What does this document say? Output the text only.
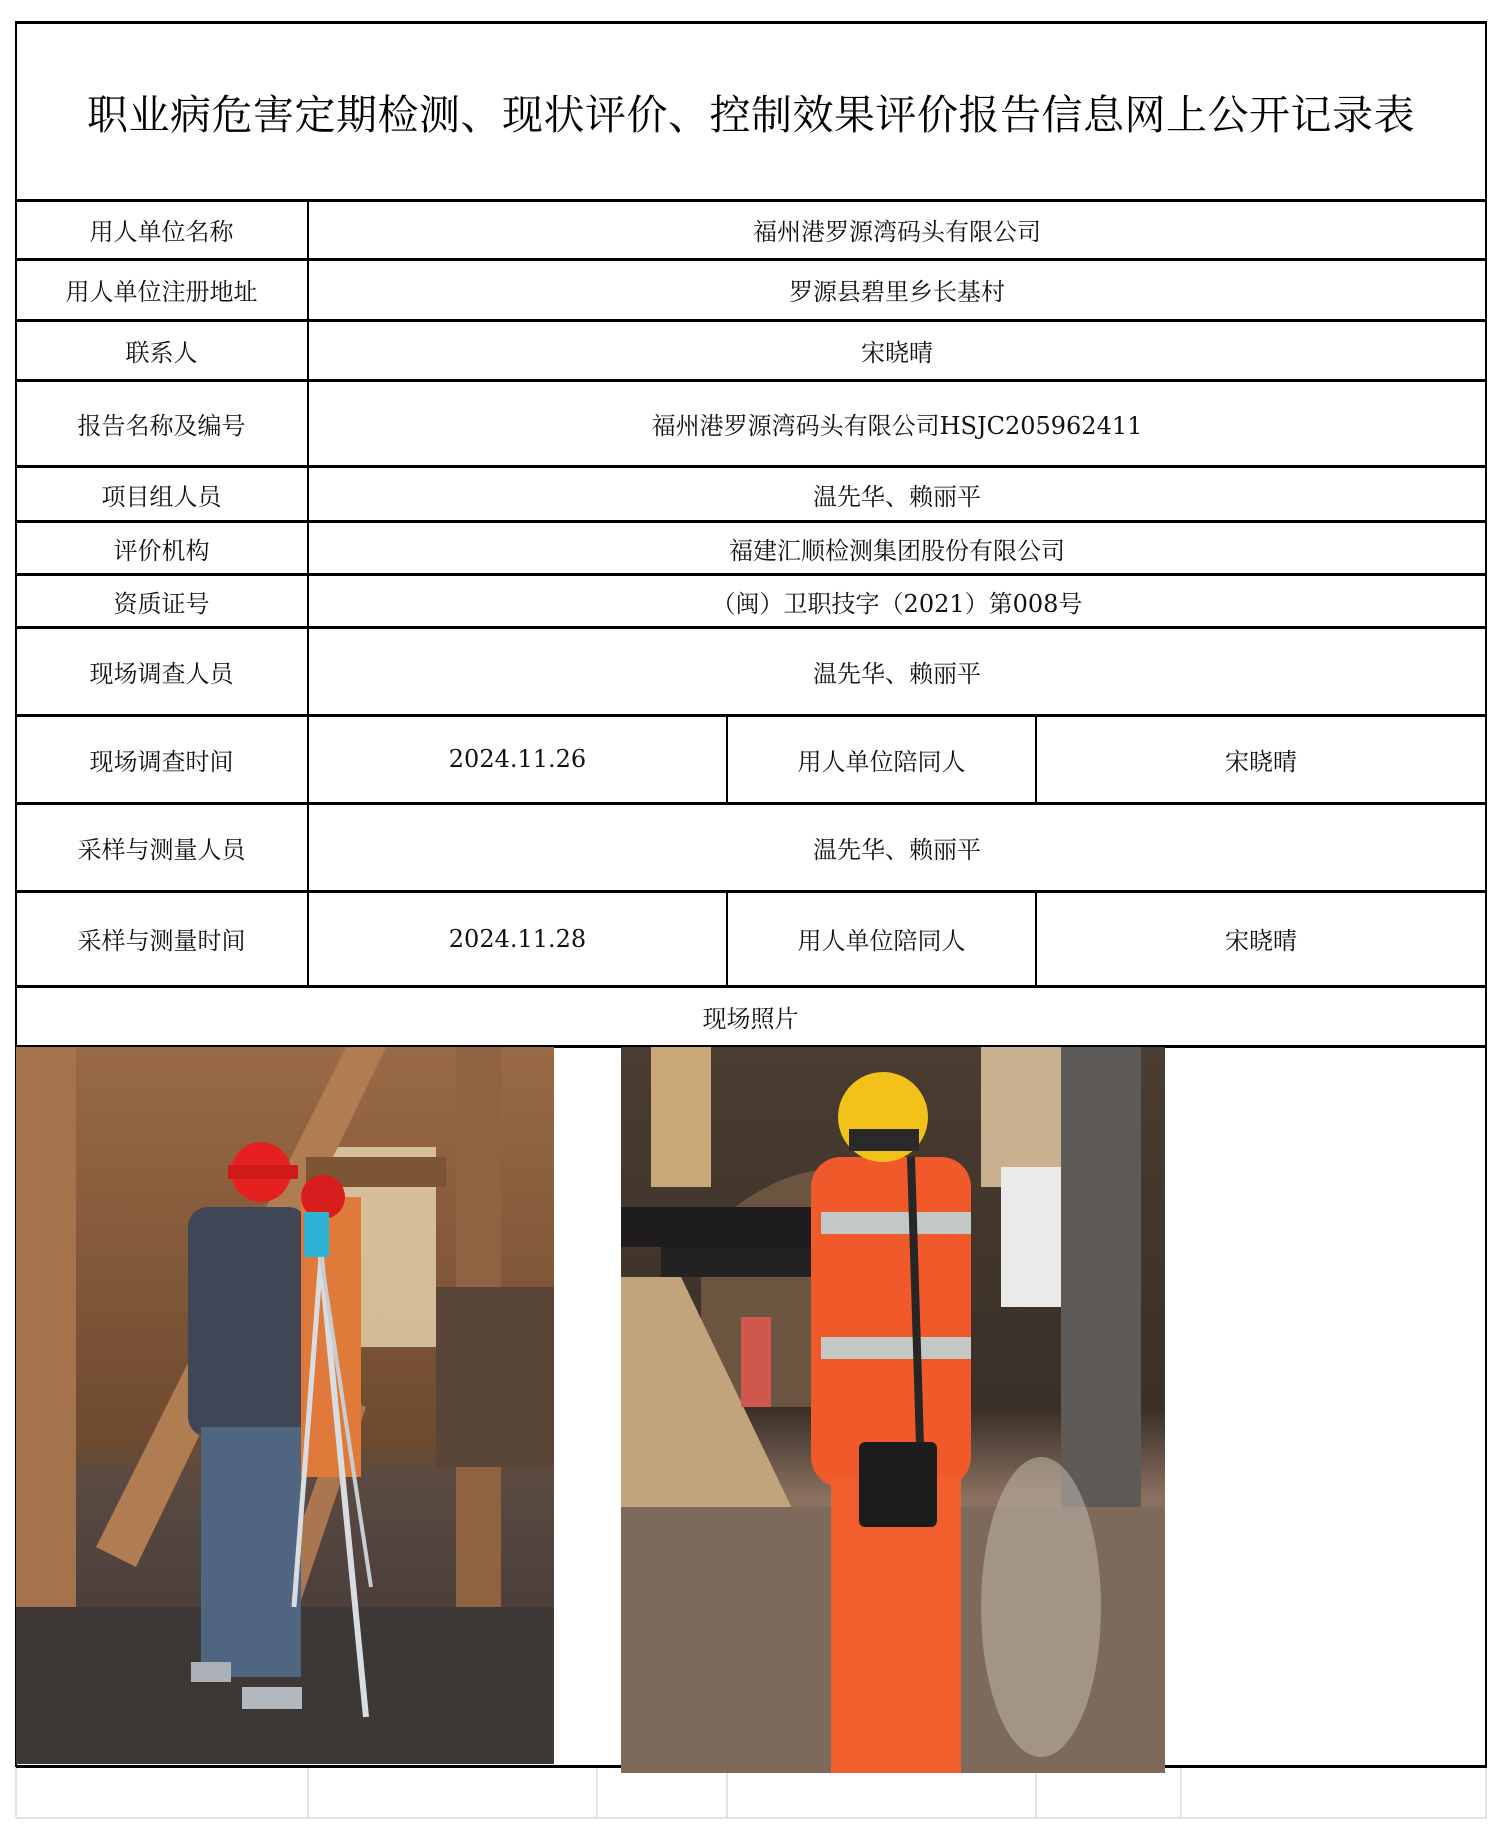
职业病危害定期检测、现状评价、控制效果评价报告信息网上公开记录表
用人单位名称	福州港罗源湾码头有限公司
用人单位注册地址	罗源县碧里乡长基村
联系人	宋晓晴
报告名称及编号	福州港罗源湾码头有限公司HSJC205962411
项目组人员	温先华、赖丽平
评价机构	福建汇顺检测集团股份有限公司
资质证号	（闽）卫职技字（2021）第008号
现场调查人员	温先华、赖丽平
现场调查时间	2024.11.26	用人单位陪同人	宋晓晴
采样与测量人员	温先华、赖丽平
采样与测量时间	2024.11.28	用人单位陪同人	宋晓晴
现场照片
